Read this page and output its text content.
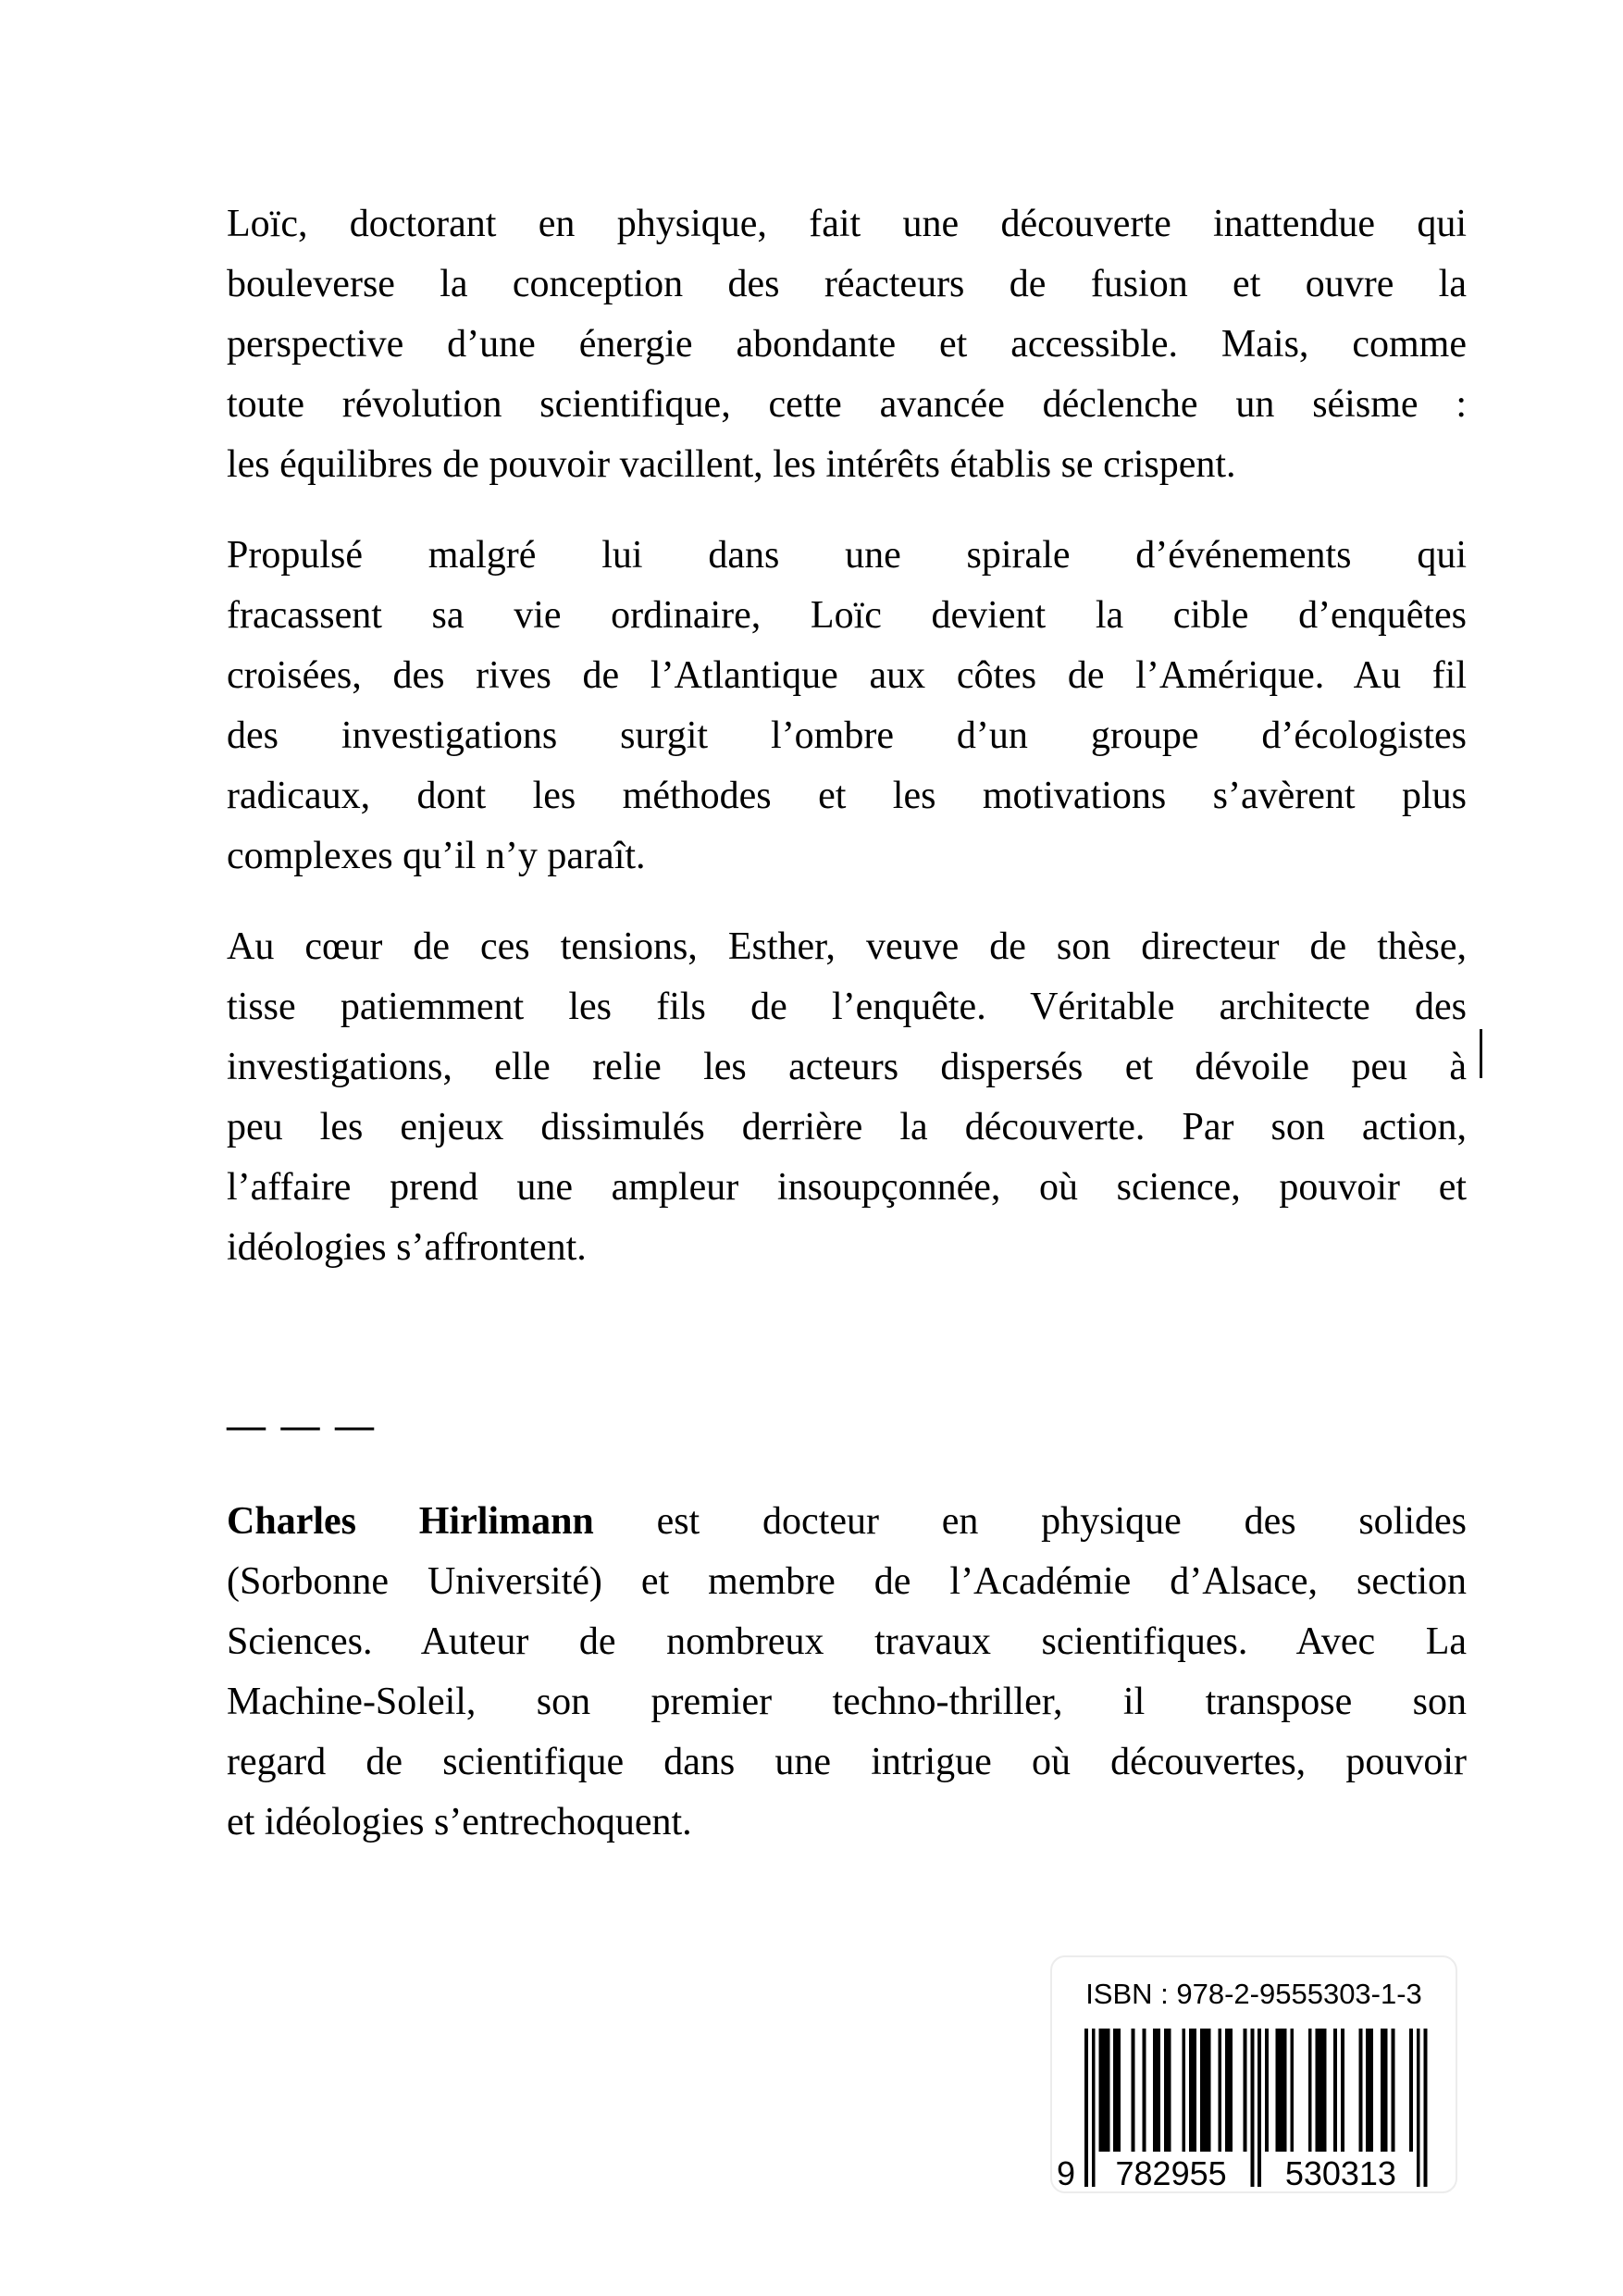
Loïc, doctorant en physique, fait une découverte inattendue qui
bouleverse la conception des réacteurs de fusion et ouvre la
perspective d’une énergie abondante et accessible. Mais, comme
toute révolution scientifique, cette avancée déclenche un séisme :
les équilibres de pouvoir vacillent, les intérêts établis se crispent.
Propulsé malgré lui dans une spirale d’événements qui
fracassent sa vie ordinaire, Loïc devient la cible d’enquêtes
croisées, des rives de l’Atlantique aux côtes de l’Amérique. Au fil
des investigations surgit l’ombre d’un groupe d’écologistes
radicaux, dont les méthodes et les motivations s’avèrent plus
complexes qu’il n’y paraît.
Au cœur de ces tensions, Esther, veuve de son directeur de thèse,
tisse patiemment les fils de l’enquête. Véritable architecte des
investigations, elle relie les acteurs dispersés et dévoile peu à
peu les enjeux dissimulés derrière la découverte. Par son action,
l’affaire prend une ampleur insoupçonnée, où science, pouvoir et
idéologies s’affrontent.
— — —
Charles Hirlimann est docteur en physique des solides
(Sorbonne Université) et membre de l’Académie d’Alsace, section
Sciences. Auteur de nombreux travaux scientifiques. Avec La
Machine-Soleil, son premier techno-thriller, il transpose son
regard de scientifique dans une intrigue où découvertes, pouvoir
et idéologies s’entrechoquent.
9 782955 530313
ISBN : 978-2-9555303-1-3
